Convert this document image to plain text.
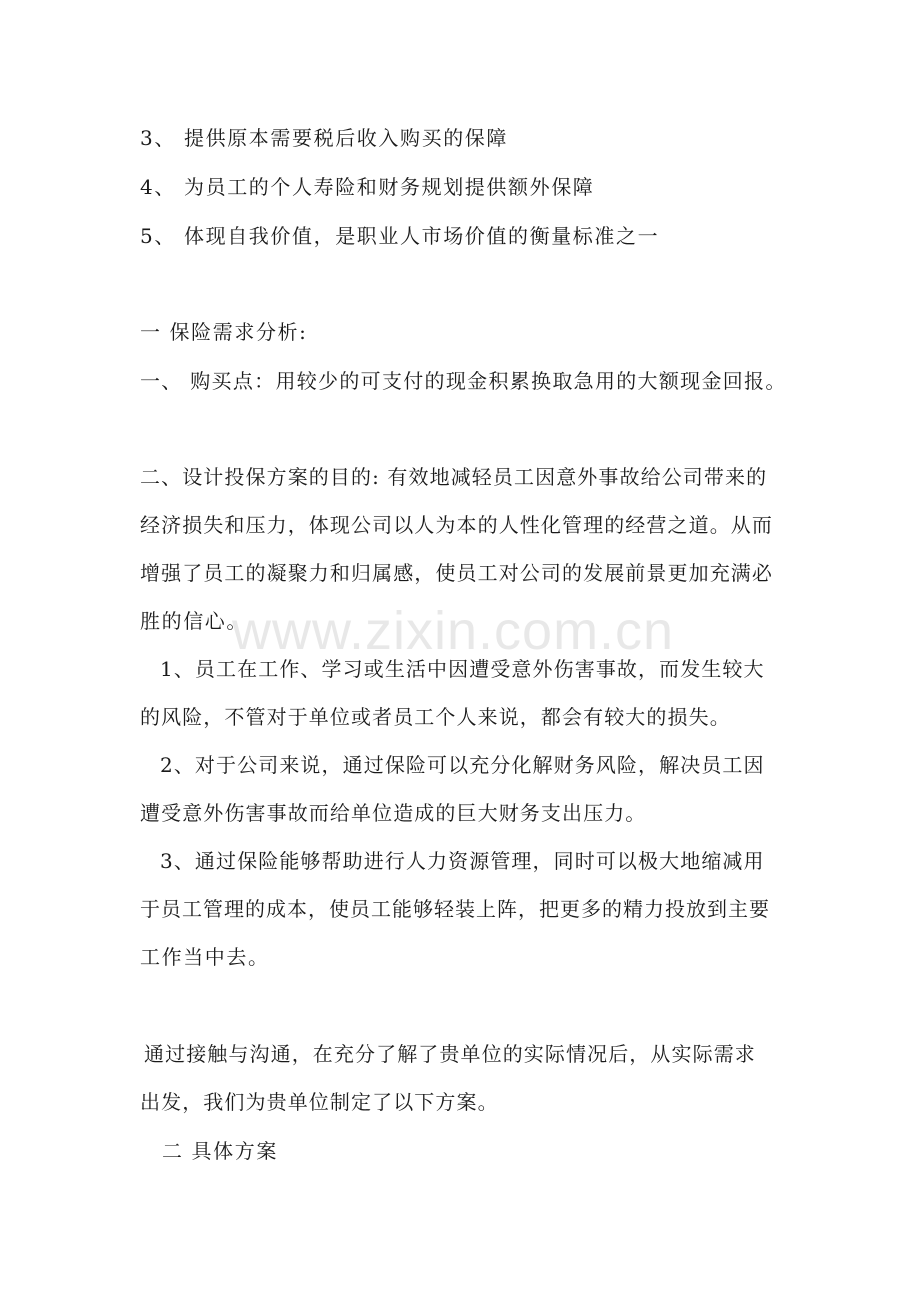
3、 提供原本需要税后收入购买的保障
4、 为员工的个人寿险和财务规划提供额外保障
5、 体现自我价值，是职业人市场价值的衡量标准之一
一 保险需求分析:
一、 购买点：用较少的可支付的现金积累换取急用的大额现金回报。
二、设计投保方案的目的: 有效地减轻员工因意外事故给公司带来的
经济损失和压力，体现公司以人为本的人性化管理的经营之道。从而
增强了员工的凝聚力和归属感，使员工对公司的发展前景更加充满必
胜的信心。
1、员工在工作、学习或生活中因遭受意外伤害事故，而发生较大
的风险，不管对于单位或者员工个人来说，都会有较大的损失。
2、对于公司来说，通过保险可以充分化解财务风险，解决员工因
遭受意外伤害事故而给单位造成的巨大财务支出压力。
3、通过保险能够帮助进行人力资源管理，同时可以极大地缩减用
于员工管理的成本，使员工能够轻装上阵，把更多的精力投放到主要
工作当中去。
通过接触与沟通，在充分了解了贵单位的实际情况后，从实际需求
出发，我们为贵单位制定了以下方案。
二 具体方案
www.zixin.com.cn
